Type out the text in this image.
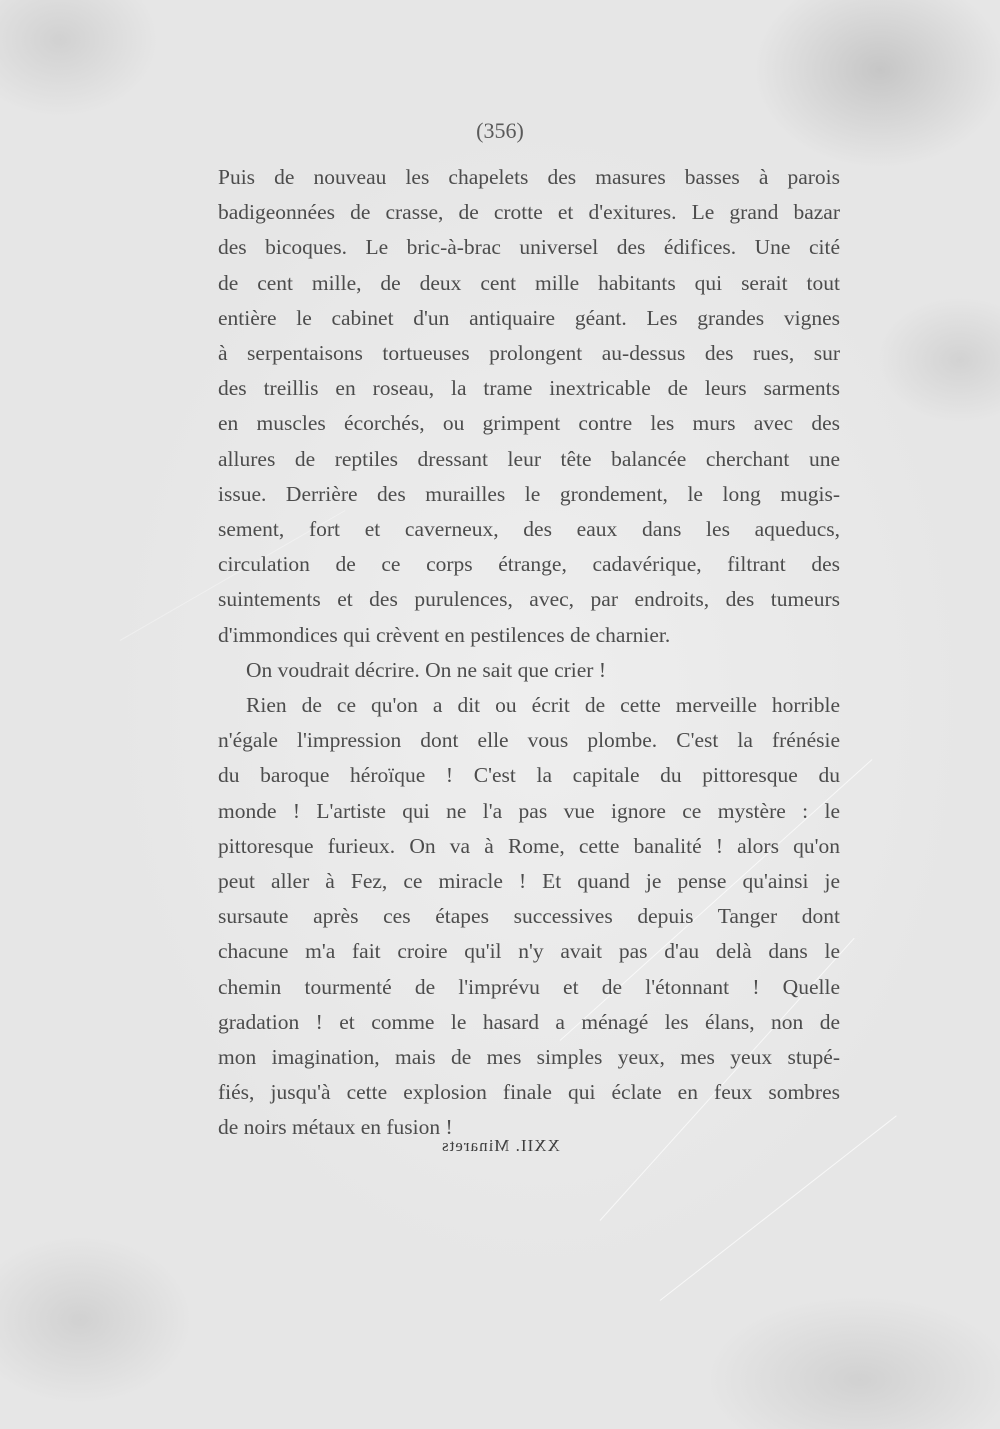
(356)
Puis de nouveau les chapelets des masures basses à parois
badigeonnées de crasse, de crotte et d'exitures. Le grand bazar
des bicoques. Le bric-à-brac universel des édifices. Une cité
de cent mille, de deux cent mille habitants qui serait tout
entière le cabinet d'un antiquaire géant. Les grandes vignes
à serpentaisons tortueuses prolongent au-dessus des rues, sur
des treillis en roseau, la trame inextricable de leurs sarments
en muscles écorchés, ou grimpent contre les murs avec des
allures de reptiles dressant leur tête balancée cherchant une
issue. Derrière des murailles le grondement, le long mugis-
sement, fort et caverneux, des eaux dans les aqueducs,
circulation de ce corps étrange, cadavérique, filtrant des
suintements et des purulences, avec, par endroits, des tumeurs
d'immondices qui crèvent en pestilences de charnier.
On voudrait décrire. On ne sait que crier !
Rien de ce qu'on a dit ou écrit de cette merveille horrible
n'égale l'impression dont elle vous plombe. C'est la frénésie
du baroque héroïque ! C'est la capitale du pittoresque du
monde ! L'artiste qui ne l'a pas vue ignore ce mystère : le
pittoresque furieux. On va à Rome, cette banalité ! alors qu'on
peut aller à Fez, ce miracle ! Et quand je pense qu'ainsi je
sursaute après ces étapes successives depuis Tanger dont
chacune m'a fait croire qu'il n'y avait pas d'au delà dans le
chemin tourmenté de l'imprévu et de l'étonnant ! Quelle
gradation ! et comme le hasard a ménagé les élans, non de
mon imagination, mais de mes simples yeux, mes yeux stupé-
fiés, jusqu'à cette explosion finale qui éclate en feux sombres
de noirs métaux en fusion !
XXII. Minarets
